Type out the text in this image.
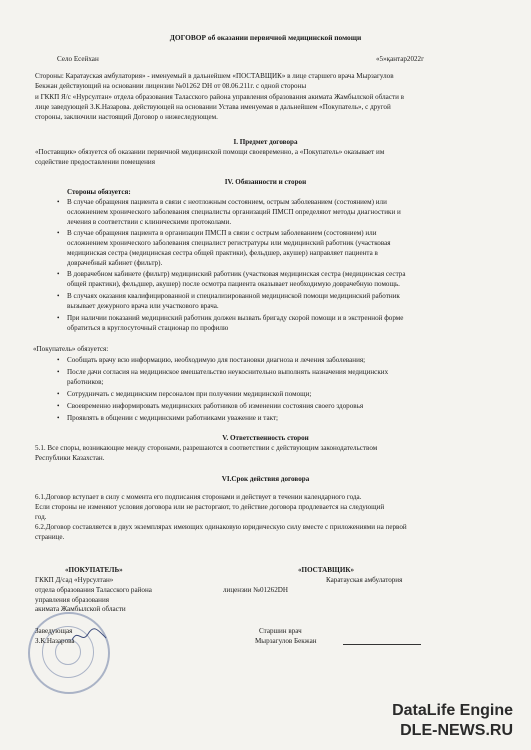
ДОГОВОР об оказании первичной медицинской помощи
Село Есейхан	«5»қантар2022г
Стороны: Каратауская амбулатория» - именуемый в дальнейшем «ПОСТАВЩИК» в лице старшего врача Мырзагулов
Бекжан действующий на основании лицензии №01262 DH от 08.06.211г. с одной стороны
и ГККП Я/с «Нурсултан» отдела образования Таласского района управления образования акимата Жамбылской области в
лице заведующей З.К.Назарова. действующей на основании Устава именуемая в дальнейшем «Покупатель», с другой
стороны, заключили настоящий Договор о нижеследующем.
I. Предмет договора
«Поставщик» обязуется об оказании первичной медицинской помощи своевременно, а «Покупатель» оказывает им
содействие предоставлении помещения
IV. Обязанности и сторон
Стороны обязуется:
• В случае обращения пациента в связи с неотложным состоянием, острым заболеванием (состоянием) или
осложнением хронического заболевания специалисты организаций ПМСП определяют методы диагностики и
лечения в соответствии с клиническими протоколами.
• В случае обращения пациента в организации ПМСП в связи с острым заболеванием (состоянием) или
осложнением хронического заболевания специалист регистратуры или медицинский работник (участковая
медицинская сестра (медицинская сестра общей практики), фельдшер, акушер) направляет пациента в
доврачебный кабинет (фильтр).
• В доврачебном кабинете (фильтр) медицинский работник (участковая медицинская сестра (медицинская сестра
общей практики), фельдшер, акушер) после осмотра пациента оказывает необходимую доврачебную помощь.
• В случаях оказания квалифицированной и специализированной медицинской помощи медицинский работник
вызывает дежурного врача или участкового врача.
• При наличии показаний медицинский работник должен вызвать бригаду скорой помощи и в экстренной форме
обратиться в круглосуточный стационар по профилю
«Покупатель» обязуется:
• Сообщать врачу всю информацию, необходимую для постановки диагноза и лечения заболевания;
• После дачи согласия на медицинское вмешательство неукоснительно выполнять назначения медицинских
работников;
• Сотрудничать с медицинским персоналом при получении медицинской помощи;
• Своевременно информировать медицинских работников об изменении состояния своего здоровья
• Проявлять в общении с медицинскими работниками уважение и такт;
V. Ответственность сторон
5.1. Все споры, возникающие между сторонами, разрешаются в соответствии с действующим законодательством
Республики Казахстан.
VI.Срок действия договора
6.1.Договор вступает в силу с момента его подписания сторонами и действует в течении календарного года.
Если стороны не изменяют условия договора или не расторгают, то действие договора продлевается на следующий
год.
6.2.Договор составляется в двух экземплярах имеющих одинаковую юридическую силу вместе с приложениями на первой
странице.
«ПОКУПАТЕЛЬ»
ГККП Д/сад «Нурсултан»
отдела образования Таласского района
управления образования
акимата Жамбылской области
Заведующая
З.К.Назарова
«ПОСТАВЩИК»
Каратауская амбулатория
лицензии №01262DH
Старшин врач
Мырзагулов Бекжан
DataLife Engine
DLE-NEWS.RU
